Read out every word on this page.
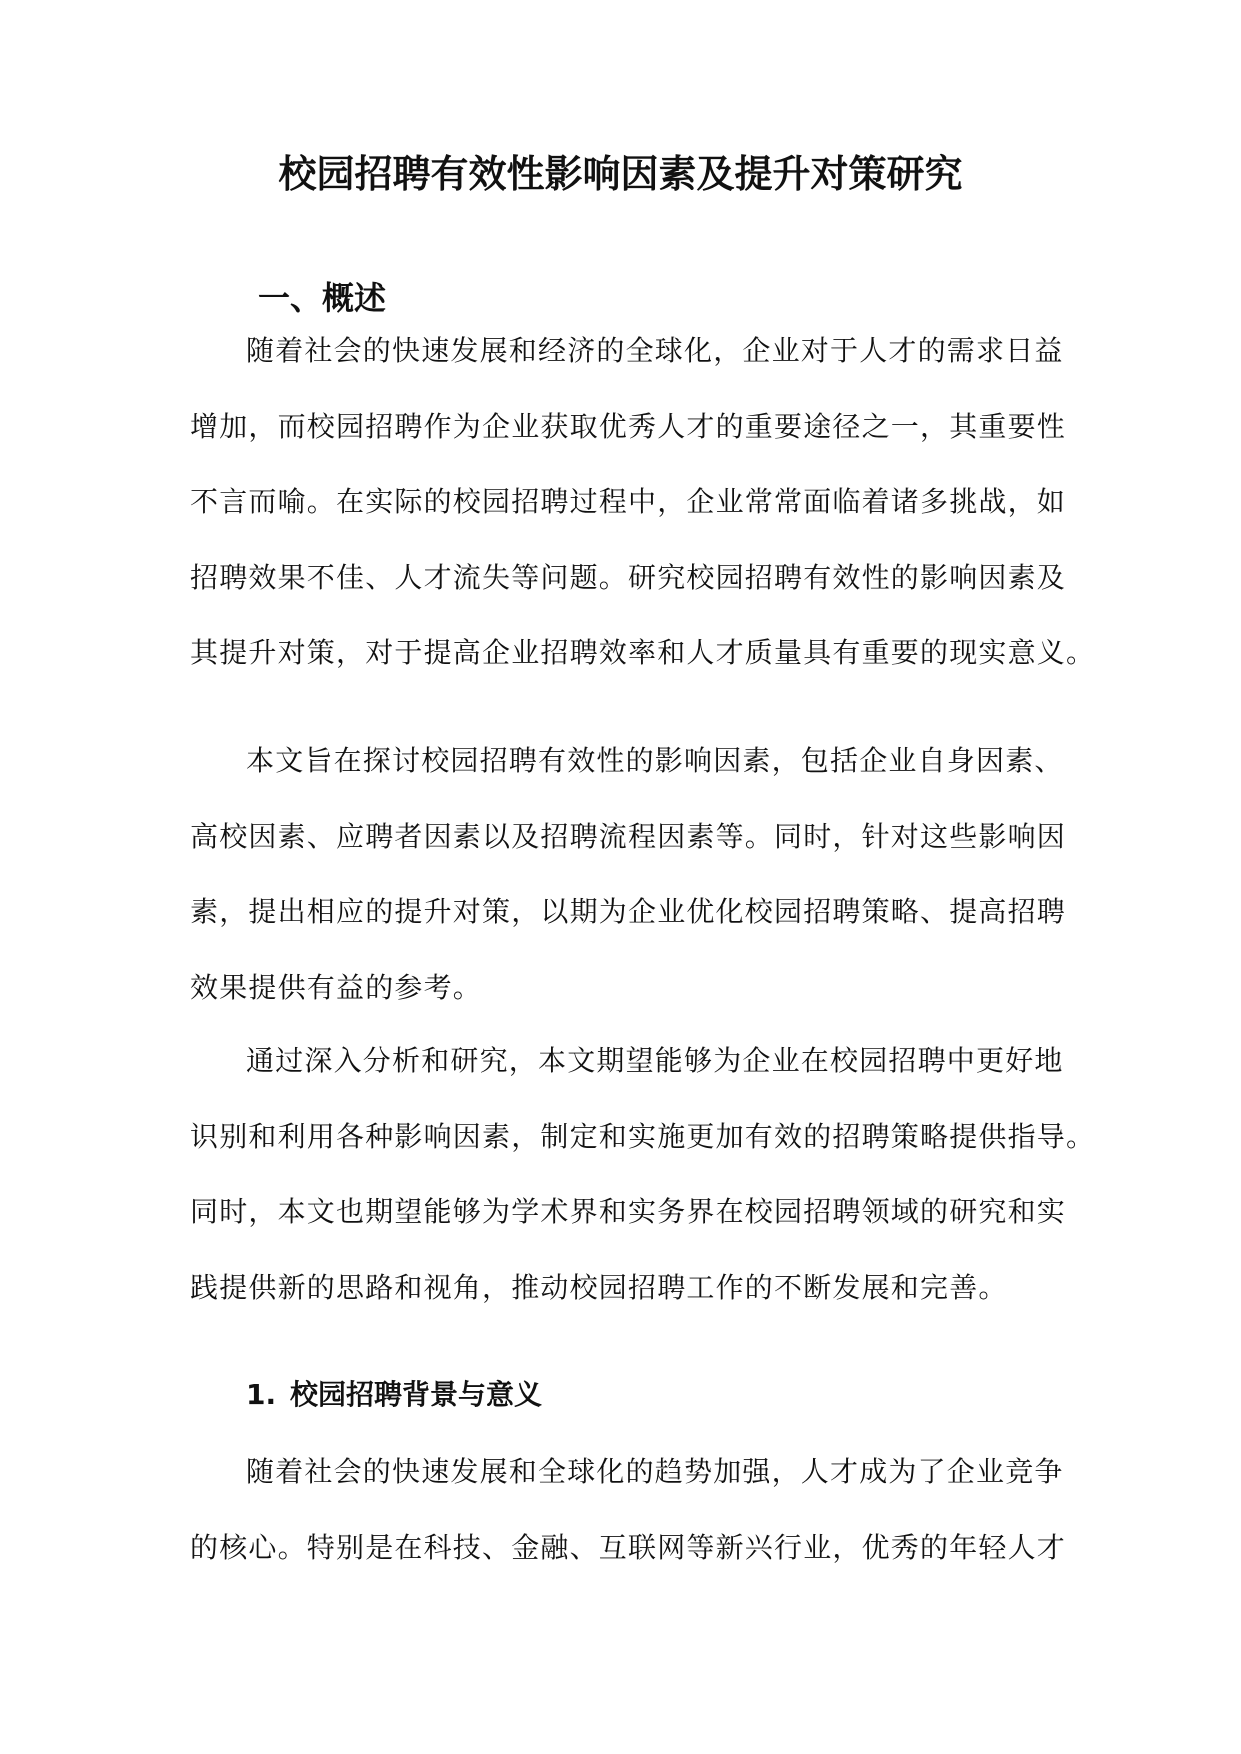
校园招聘有效性影响因素及提升对策研究
一、概述
随着社会的快速发展和经济的全球化，企业对于人才的需求日益
增加，而校园招聘作为企业获取优秀人才的重要途径之一，其重要性
不言而喻。在实际的校园招聘过程中，企业常常面临着诸多挑战，如
招聘效果不佳、人才流失等问题。研究校园招聘有效性的影响因素及
其提升对策，对于提高企业招聘效率和人才质量具有重要的现实意义。
本文旨在探讨校园招聘有效性的影响因素，包括企业自身因素、
高校因素、应聘者因素以及招聘流程因素等。同时，针对这些影响因
素，提出相应的提升对策，以期为企业优化校园招聘策略、提高招聘
效果提供有益的参考。
通过深入分析和研究，本文期望能够为企业在校园招聘中更好地
识别和利用各种影响因素，制定和实施更加有效的招聘策略提供指导。
同时，本文也期望能够为学术界和实务界在校园招聘领域的研究和实
践提供新的思路和视角，推动校园招聘工作的不断发展和完善。
1. 校园招聘背景与意义
随着社会的快速发展和全球化的趋势加强，人才成为了企业竞争
的核心。特别是在科技、金融、互联网等新兴行业，优秀的年轻人才
